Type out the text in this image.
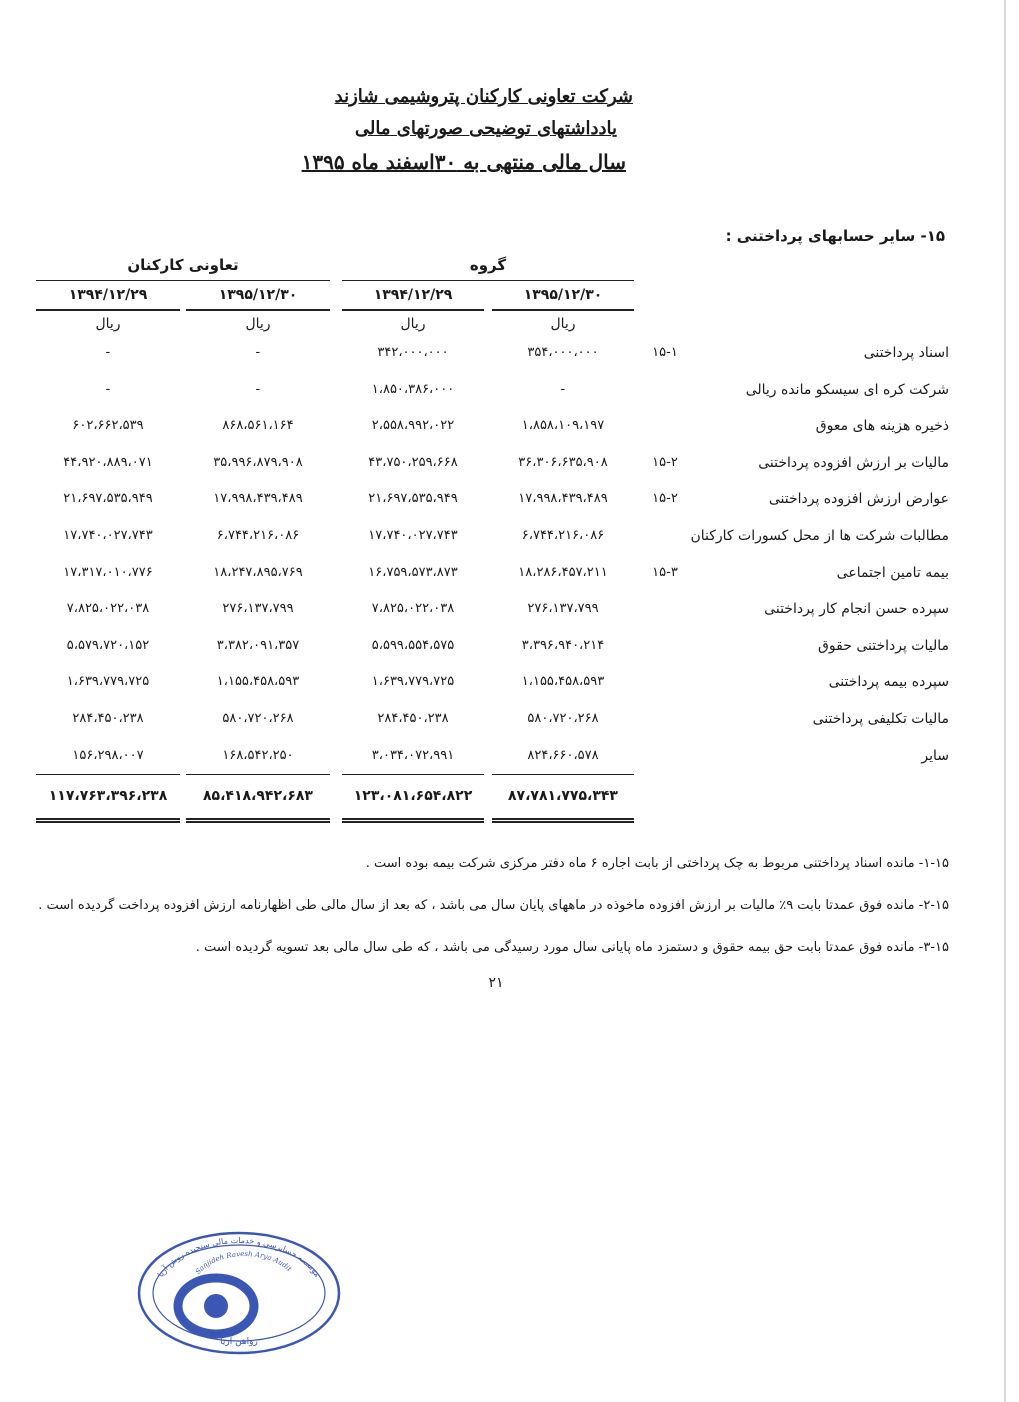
شرکت تعاونی کارکنان پتروشیمی شازند
یادداشتهای توضیحی صورتهای مالی
سال مالی منتهی به ۳۰اسفند ماه ۱۳۹۵
۱۵- سایر حسابهای پرداختنی :
گروه
تعاونی کارکنان
۱۳۹۵/۱۲/۳۰
۱۳۹۴/۱۲/۲۹
۱۳۹۵/۱۲/۳۰
۱۳۹۴/۱۲/۲۹
ریال
ریال
ریال
ریال
اسناد پرداختنی
۱۵-۱
۳۵۴،۰۰۰،۰۰۰
۳۴۲،۰۰۰،۰۰۰
-
-
شرکت کره ای سیسکو مانده ریالی
-
۱،۸۵۰،۳۸۶،۰۰۰
-
-
ذخیره هزینه های معوق
۱،۸۵۸،۱۰۹،۱۹۷
۲،۵۵۸،۹۹۲،۰۲۲
۸۶۸،۵۶۱،۱۶۴
۶۰۲،۶۶۲،۵۳۹
مالیات بر ارزش افزوده پرداختنی
۱۵-۲
۳۶،۳۰۶،۶۳۵،۹۰۸
۴۳،۷۵۰،۲۵۹،۶۶۸
۳۵،۹۹۶،۸۷۹،۹۰۸
۴۴،۹۲۰،۸۸۹،۰۷۱
عوارض ارزش افزوده پرداختنی
۱۵-۲
۱۷،۹۹۸،۴۳۹،۴۸۹
۲۱،۶۹۷،۵۳۵،۹۴۹
۱۷،۹۹۸،۴۳۹،۴۸۹
۲۱،۶۹۷،۵۳۵،۹۴۹
مطالبات شرکت ها از محل کسورات کارکنان
۶،۷۴۴،۲۱۶،۰۸۶
۱۷،۷۴۰،۰۲۷،۷۴۳
۶،۷۴۴،۲۱۶،۰۸۶
۱۷،۷۴۰،۰۲۷،۷۴۳
بیمه تامین اجتماعی
۱۵-۳
۱۸،۲۸۶،۴۵۷،۲۱۱
۱۶،۷۵۹،۵۷۳،۸۷۳
۱۸،۲۴۷،۸۹۵،۷۶۹
۱۷،۳۱۷،۰۱۰،۷۷۶
سپرده حسن انجام کار پرداختنی
۲۷۶،۱۳۷،۷۹۹
۷،۸۲۵،۰۲۲،۰۳۸
۲۷۶،۱۳۷،۷۹۹
۷،۸۲۵،۰۲۲،۰۳۸
مالیات پرداختنی حقوق
۳،۳۹۶،۹۴۰،۲۱۴
۵،۵۹۹،۵۵۴،۵۷۵
۳،۳۸۲،۰۹۱،۳۵۷
۵،۵۷۹،۷۲۰،۱۵۲
سپرده بیمه پرداختنی
۱،۱۵۵،۴۵۸،۵۹۳
۱،۶۳۹،۷۷۹،۷۲۵
۱،۱۵۵،۴۵۸،۵۹۳
۱،۶۳۹،۷۷۹،۷۲۵
مالیات تکلیفی پرداختنی
۵۸۰،۷۲۰،۲۶۸
۲۸۴،۴۵۰،۲۳۸
۵۸۰،۷۲۰،۲۶۸
۲۸۴،۴۵۰،۲۳۸
سایر
۸۲۴،۶۶۰،۵۷۸
۳،۰۳۴،۰۷۲،۹۹۱
۱۶۸،۵۴۲،۲۵۰
۱۵۶،۲۹۸،۰۰۷
۸۷،۷۸۱،۷۷۵،۳۴۳
۱۲۳،۰۸۱،۶۵۴،۸۲۲
۸۵،۴۱۸،۹۴۲،۶۸۳
۱۱۷،۷۶۳،۳۹۶،۲۳۸
۱-۱۵- مانده اسناد پرداختنی مربوط به چک پرداختی از بابت اجاره ۶ ماه دفتر مرکزی شرکت بیمه بوده است .
۲-۱۵- مانده فوق عمدتا بابت ۹٪ مالیات بر ارزش افزوده ماخوذه در ماههای پایان سال می باشد ، که بعد از سال مالی طی اظهارنامه ارزش افزوده پرداخت گردیده است .
۳-۱۵- مانده فوق عمدتا بابت حق بیمه حقوق و دستمزد ماه پایانی سال مورد رسیدگی می باشد ، که طی سال مالی بعد تسویه گردیده است .
۲۱
موسسه حسابرسی و خدمات مالی سنجیده روش آریا
Sanjideh Ravesh Arya Audit
رواهن آریا
